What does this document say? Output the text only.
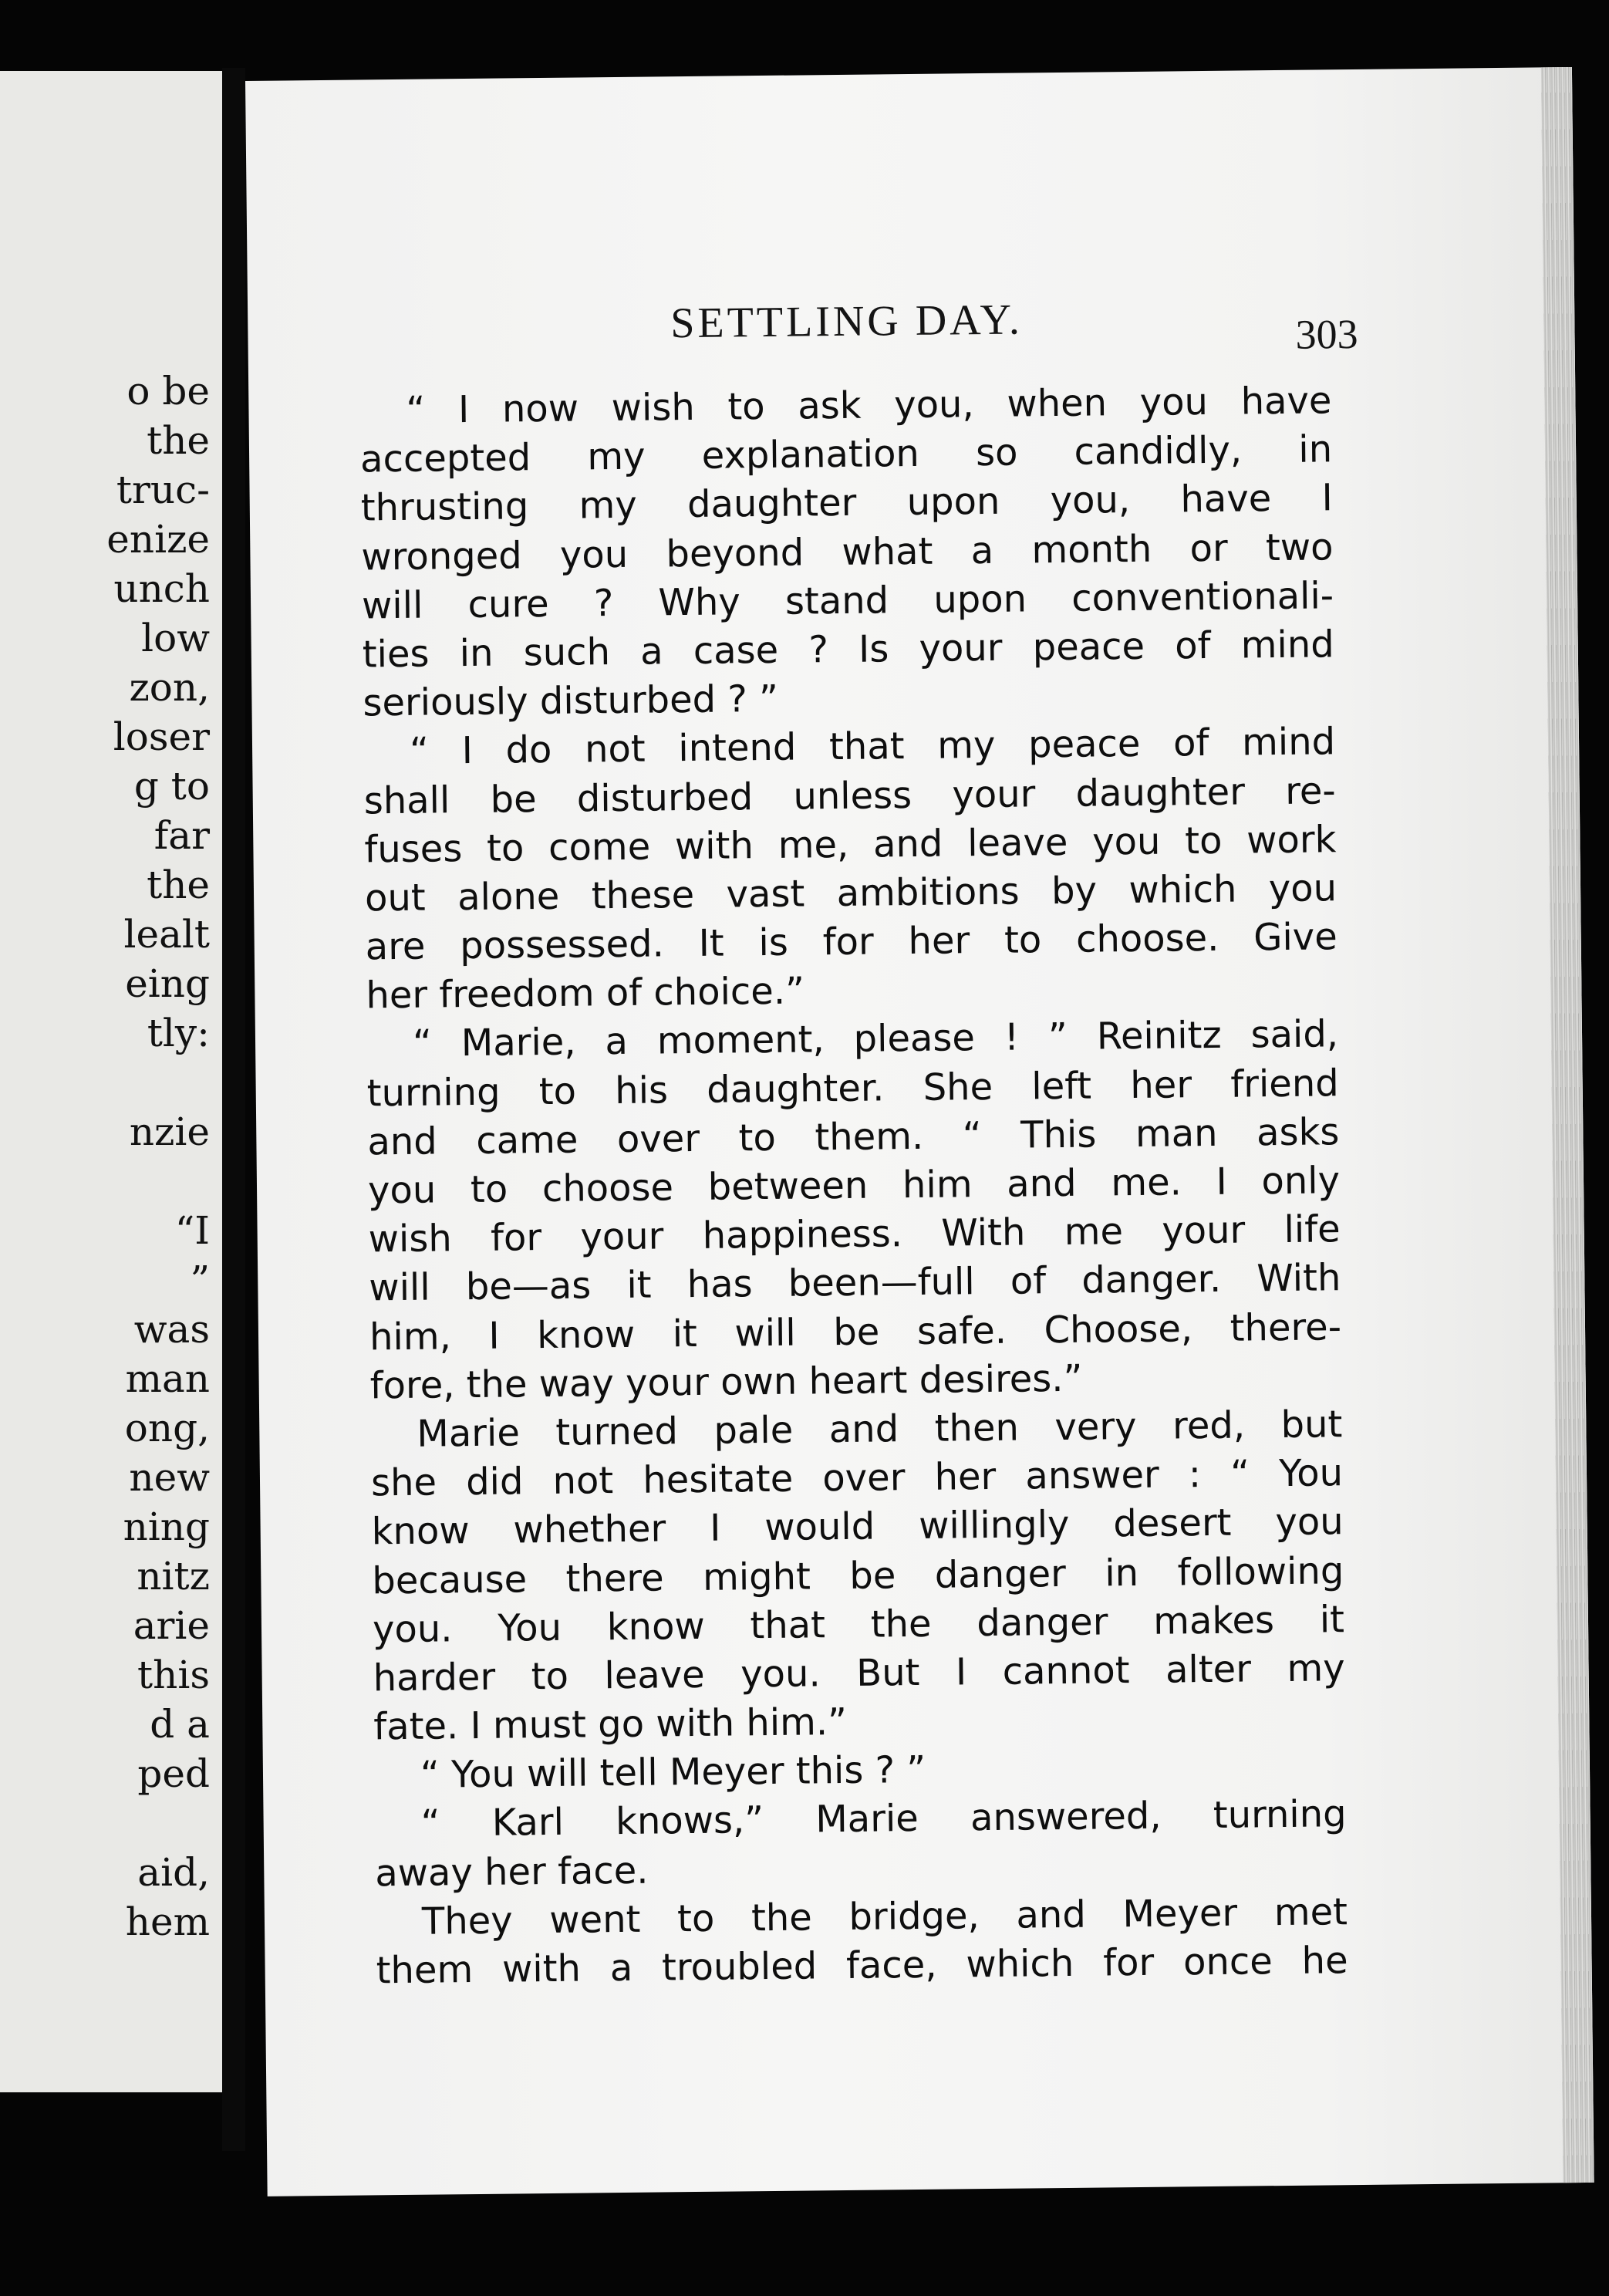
o be
the
truc-
enize
unch
low
zon,
loser
g to
far
the
lealt
eing
tly:
nzie
“I
”
was
man
ong,
new
ning
nitz
arie
this
d a
ped
aid,
hem
SETTLING DAY.	303
“ I now wish to ask you, when you have
accepted my explanation so candidly, in
thrusting my daughter upon you, have I
wronged you beyond what a month or two
will cure ? Why stand upon conventionali-
ties in such a case ? Is your peace of mind
seriously disturbed ? ”
“ I do not intend that my peace of mind
shall be disturbed unless your daughter re-
fuses to come with me, and leave you to work
out alone these vast ambitions by which you
are possessed. It is for her to choose. Give
her freedom of choice.”
“ Marie, a moment, please ! ” Reinitz said,
turning to his daughter. She left her friend
and came over to them. “ This man asks
you to choose between him and me. I only
wish for your happiness. With me your life
will be—as it has been—full of danger. With
him, I know it will be safe. Choose, there-
fore, the way your own heart desires.”
Marie turned pale and then very red, but
she did not hesitate over her answer : “ You
know whether I would willingly desert you
because there might be danger in following
you. You know that the danger makes it
harder to leave you. But I cannot alter my
fate. I must go with him.”
“ You will tell Meyer this ? ”
“ Karl knows,” Marie answered, turning
away her face.
They went to the bridge, and Meyer met
them with a troubled face, which for once he
